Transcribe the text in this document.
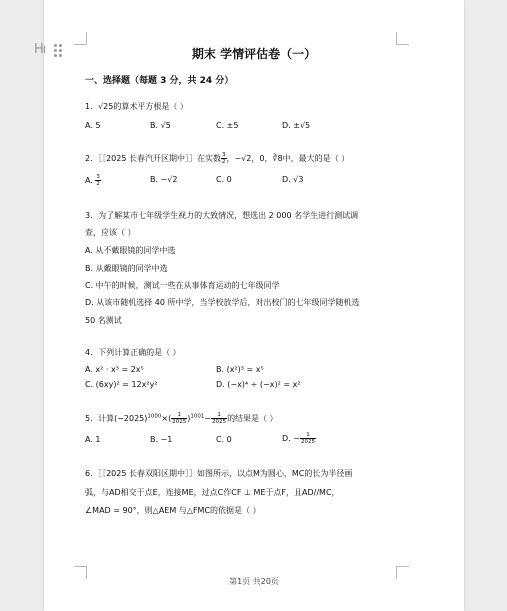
Hı	期末 学情评估卷（一）
一、选择题（每题 3 分，共 24 分）
1．√25的算术平方根是（ ）
A. 5	B. √5	C. ±5	D. ±√5
2．［［2025 长春汽开区期中］］在实数 $\frac{3}{2}$ ，−√2，0，∛8中，最大的是（ ）
A. $\frac{3}{2}$	B. −√2	C. 0	D. √3
3．为了解某市七年级学生视力的大致情况，想选出 2 000 名学生进行测试调
查，应该（ ）
A. 从不戴眼镜的同学中选
B. 从戴眼镜的同学中选
C. 中午的时候，测试一些在从事体育运动的七年级同学
D. 从该市随机选择 40 所中学，当学校放学后，对出校门的七年级同学随机选
50 名测试
4．下列计算正确的是（ ）
A. x² · x³ = 2x⁵	B. (x²)³ = x⁵
C. (6xy)² = 12x²y²	D. (−x)⁴ ÷ (−x)² = x²
5．计算$(-2025)^{1000}\times( \frac{1}{2025} )^{1001}- \frac{1}{2025}$ 的结果是（ ）
A. 1	B. −1	C. 0	D. − $\frac{1}{2025}$
6．［［2025 长春双阳区期中］］如图所示，以点M为圆心，MC的长为半径画
弧，与AD相交于点E，连接ME，过点C作CF ⊥ ME于点F，且AD//MC，
∠MAD = 90°，则△AEM 与△FMC的依据是（ ）
第1页 共20页
